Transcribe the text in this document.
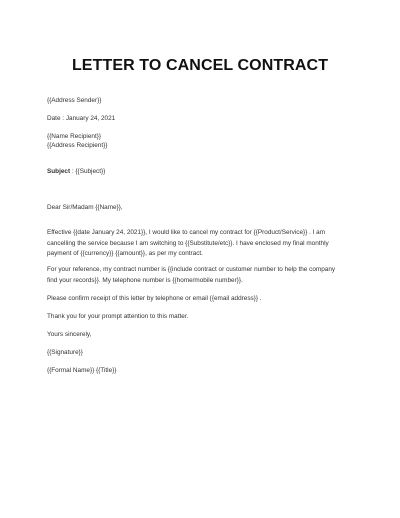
LETTER TO CANCEL CONTRACT
{{Address Sender}}
Date : January 24, 2021
{{Name Recipient}}
{{Address Recipient}}
Subject : {{Subject}}
Dear Sir/Madam {{Name}},
Effective {{date January 24, 2021}}, I would like to cancel my contract for {{Product/Service}} . I am
cancelling the service because I am switching to {{Substitute/etc}}. I have enclosed my final monthly
payment of {{currency}} {{amount}}, as per my contract.
For your reference, my contract number is {{include contract or customer number to help the company
find your records}}. My telephone number is {{home/mobile number}}.
Please confirm receipt of this letter by telephone or email {{email address}} .
Thank you for your prompt attention to this matter.
Yours sincerely,
{{Signature}}
{{Formal Name}} {{Title}}
